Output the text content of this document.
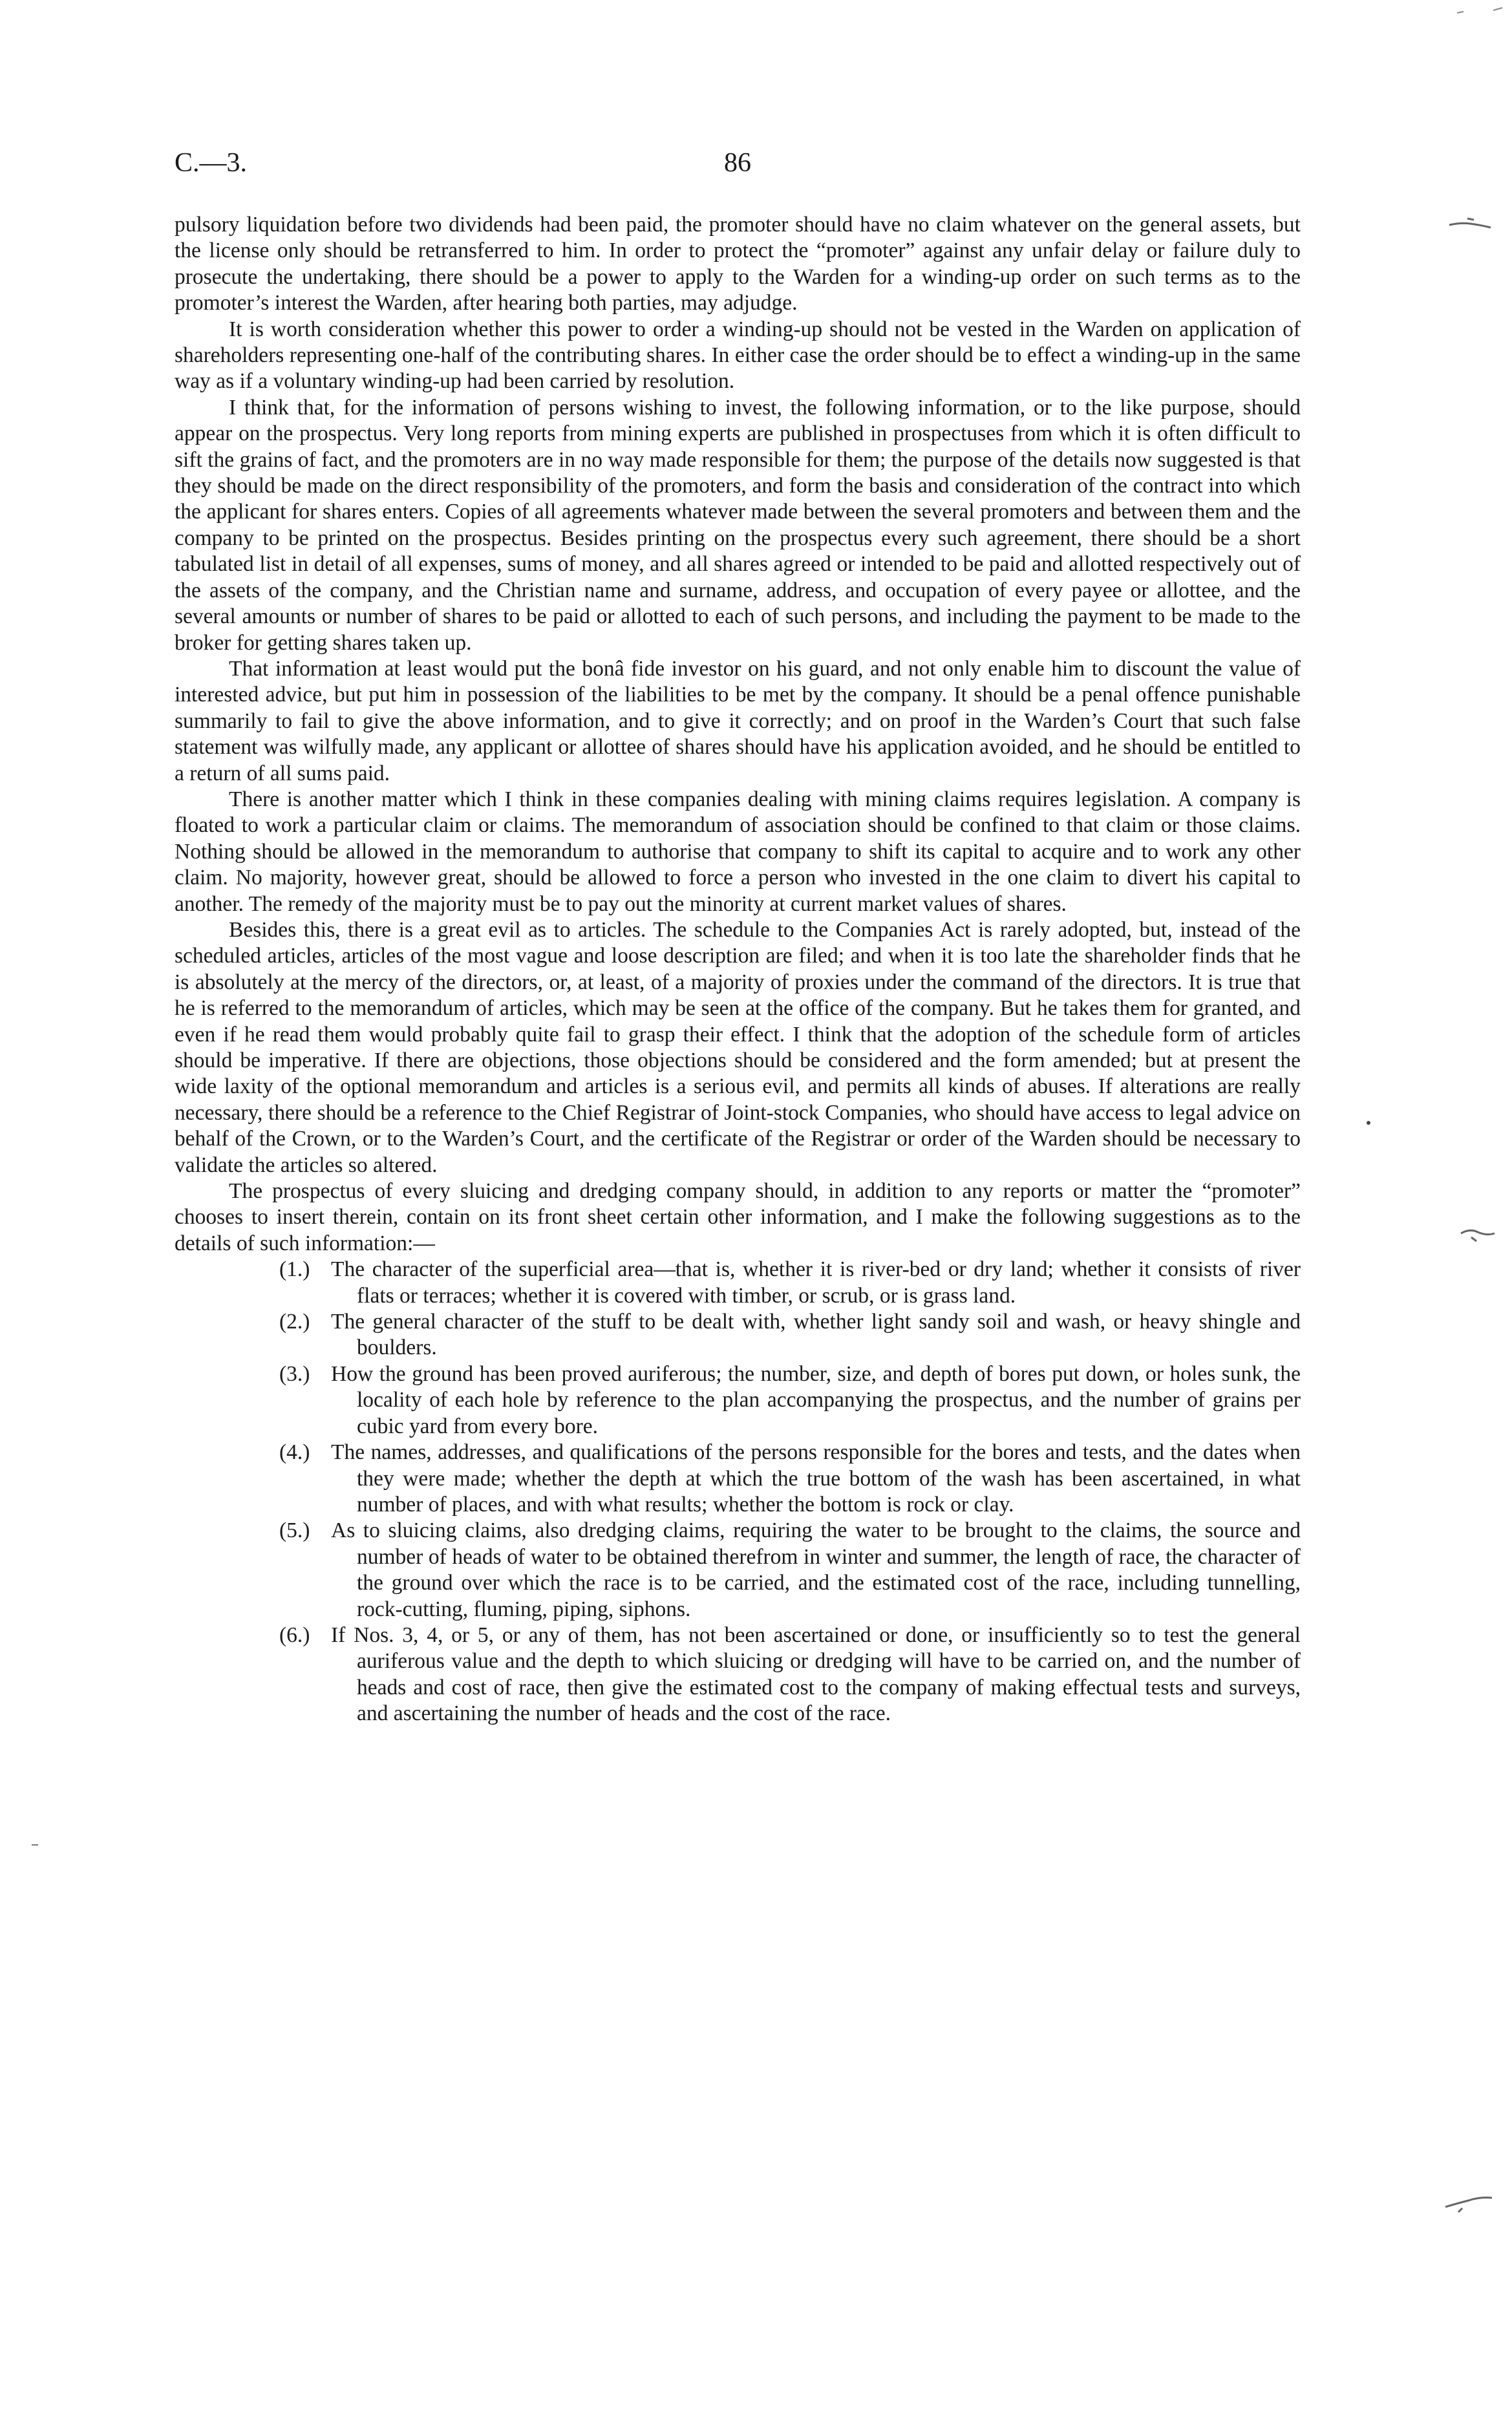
C.—3.	86

pulsory liquidation before two dividends had been paid, the promoter should have no claim whatever on the general assets, but the license only should be retransferred to him. In order to protect the “promoter” against any unfair delay or failure duly to prosecute the undertaking, there should be a power to apply to the Warden for a winding-up order on such terms as to the promoter’s interest the Warden, after hearing both parties, may adjudge.

It is worth consideration whether this power to order a winding-up should not be vested in the Warden on application of shareholders representing one-half of the contributing shares. In either case the order should be to effect a winding-up in the same way as if a voluntary winding-up had been carried by resolution.

I think that, for the information of persons wishing to invest, the following information, or to the like purpose, should appear on the prospectus. Very long reports from mining experts are published in prospectuses from which it is often difficult to sift the grains of fact, and the promoters are in no way made responsible for them; the purpose of the details now suggested is that they should be made on the direct responsibility of the promoters, and form the basis and consideration of the contract into which the applicant for shares enters. Copies of all agreements whatever made between the several promoters and between them and the company to be printed on the prospectus. Besides printing on the prospectus every such agreement, there should be a short tabulated list in detail of all expenses, sums of money, and all shares agreed or intended to be paid and allotted respectively out of the assets of the company, and the Christian name and surname, address, and occupation of every payee or allottee, and the several amounts or number of shares to be paid or allotted to each of such persons, and including the payment to be made to the broker for getting shares taken up.

That information at least would put the bonâ fide investor on his guard, and not only enable him to discount the value of interested advice, but put him in possession of the liabilities to be met by the company. It should be a penal offence punishable summarily to fail to give the above information, and to give it correctly; and on proof in the Warden’s Court that such false statement was wilfully made, any applicant or allottee of shares should have his application avoided, and he should be entitled to a return of all sums paid.

There is another matter which I think in these companies dealing with mining claims requires legislation. A company is floated to work a particular claim or claims. The memorandum of association should be confined to that claim or those claims. Nothing should be allowed in the memorandum to authorise that company to shift its capital to acquire and to work any other claim. No majority, however great, should be allowed to force a person who invested in the one claim to divert his capital to another. The remedy of the majority must be to pay out the minority at current market values of shares.

Besides this, there is a great evil as to articles. The schedule to the Companies Act is rarely adopted, but, instead of the scheduled articles, articles of the most vague and loose description are filed; and when it is too late the shareholder finds that he is absolutely at the mercy of the directors, or, at least, of a majority of proxies under the command of the directors. It is true that he is referred to the memorandum of articles, which may be seen at the office of the company. But he takes them for granted, and even if he read them would probably quite fail to grasp their effect. I think that the adoption of the schedule form of articles should be imperative. If there are objections, those objections should be considered and the form amended; but at present the wide laxity of the optional memorandum and articles is a serious evil, and permits all kinds of abuses. If alterations are really necessary, there should be a reference to the Chief Registrar of Joint-stock Companies, who should have access to legal advice on behalf of the Crown, or to the Warden’s Court, and the certificate of the Registrar or order of the Warden should be necessary to validate the articles so altered.

The prospectus of every sluicing and dredging company should, in addition to any reports or matter the “promoter” chooses to insert therein, contain on its front sheet certain other information, and I make the following suggestions as to the details of such information:—

(1.) The character of the superficial area—that is, whether it is river-bed or dry land; whether it consists of river flats or terraces; whether it is covered with timber, or scrub, or is grass land.
(2.) The general character of the stuff to be dealt with, whether light sandy soil and wash, or heavy shingle and boulders.
(3.) How the ground has been proved auriferous; the number, size, and depth of bores put down, or holes sunk, the locality of each hole by reference to the plan accompanying the prospectus, and the number of grains per cubic yard from every bore.
(4.) The names, addresses, and qualifications of the persons responsible for the bores and tests, and the dates when they were made; whether the depth at which the true bottom of the wash has been ascertained, in what number of places, and with what results; whether the bottom is rock or clay.
(5.) As to sluicing claims, also dredging claims, requiring the water to be brought to the claims, the source and number of heads of water to be obtained therefrom in winter and summer, the length of race, the character of the ground over which the race is to be carried, and the estimated cost of the race, including tunnelling, rock-cutting, fluming, piping, siphons.
(6.) If Nos. 3, 4, or 5, or any of them, has not been ascertained or done, or insufficiently so to test the general auriferous value and the depth to which sluicing or dredging will have to be carried on, and the number of heads and cost of race, then give the estimated cost to the company of making effectual tests and surveys, and ascertaining the number of heads and the cost of the race.
